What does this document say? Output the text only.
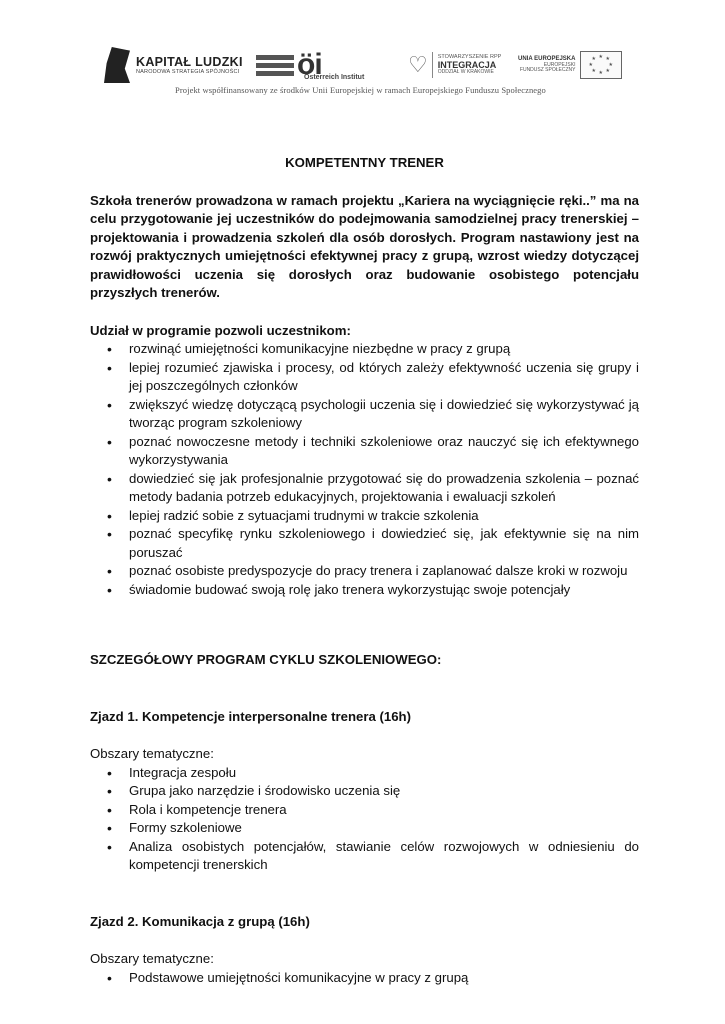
KAPITAŁ LUDZKI
NARODOWA STRATEGIA SPÓJNOŚCI öi
Österreich Institut
♡ STOWARZYSZENIE RPP
INTEGRACJA
ODDZIAŁ W KRAKOWIE
UNIA EUROPEJSKA
EUROPEJSKI
FUNDUSZ SPOŁECZNY
★ ★
★
★
★
★
★
★
Projekt współfinansowany ze środków Unii Europejskiej w ramach Europejskiego Funduszu Społecznego

KOMPETENTNY TRENER

Szkoła trenerów prowadzona w ramach projektu „Kariera na wyciągnięcie ręki..” ma na celu przygotowanie jej uczestników do podejmowania samodzielnej pracy trenerskiej – projektowania i prowadzenia szkoleń dla osób dorosłych. Program nastawiony jest na rozwój praktycznych umiejętności efektywnej pracy z grupą, wzrost wiedzy dotyczącej prawidłowości uczenia się dorosłych oraz budowanie osobistego potencjału przyszłych trenerów.

Udział w programie pozwoli uczestnikom:

• rozwinąć umiejętności komunikacyjne niezbędne w pracy z grupą
• lepiej rozumieć zjawiska i procesy, od których zależy efektywność uczenia się grupy i jej poszczególnych członków
• zwiększyć wiedzę dotyczącą psychologii uczenia się i dowiedzieć się wykorzystywać ją tworząc program szkoleniowy
• poznać nowoczesne metody i techniki szkoleniowe oraz nauczyć się ich efektywnego wykorzystywania
• dowiedzieć się jak profesjonalnie przygotować się do prowadzenia szkolenia – poznać metody badania potrzeb edukacyjnych, projektowania i ewaluacji szkoleń
• lepiej radzić sobie z sytuacjami trudnymi w trakcie szkolenia
• poznać specyfikę rynku szkoleniowego i dowiedzieć się, jak efektywnie się na nim poruszać
• poznać osobiste predyspozycje do pracy trenera i zaplanować dalsze kroki w rozwoju
• świadomie budować swoją rolę jako trenera wykorzystując swoje potencjały

SZCZEGÓŁOWY PROGRAM CYKLU SZKOLENIOWEGO:

Zjazd 1. Kompetencje interpersonalne trenera (16h)

Obszary tematyczne:

• Integracja zespołu
• Grupa jako narzędzie i środowisko uczenia się
• Rola i kompetencje trenera
• Formy szkoleniowe
• Analiza osobistych potencjałów, stawianie celów rozwojowych w odniesieniu do kompetencji trenerskich

Zjazd 2. Komunikacja z grupą (16h)

Obszary tematyczne:

• Podstawowe umiejętności komunikacyjne w pracy z grupą
